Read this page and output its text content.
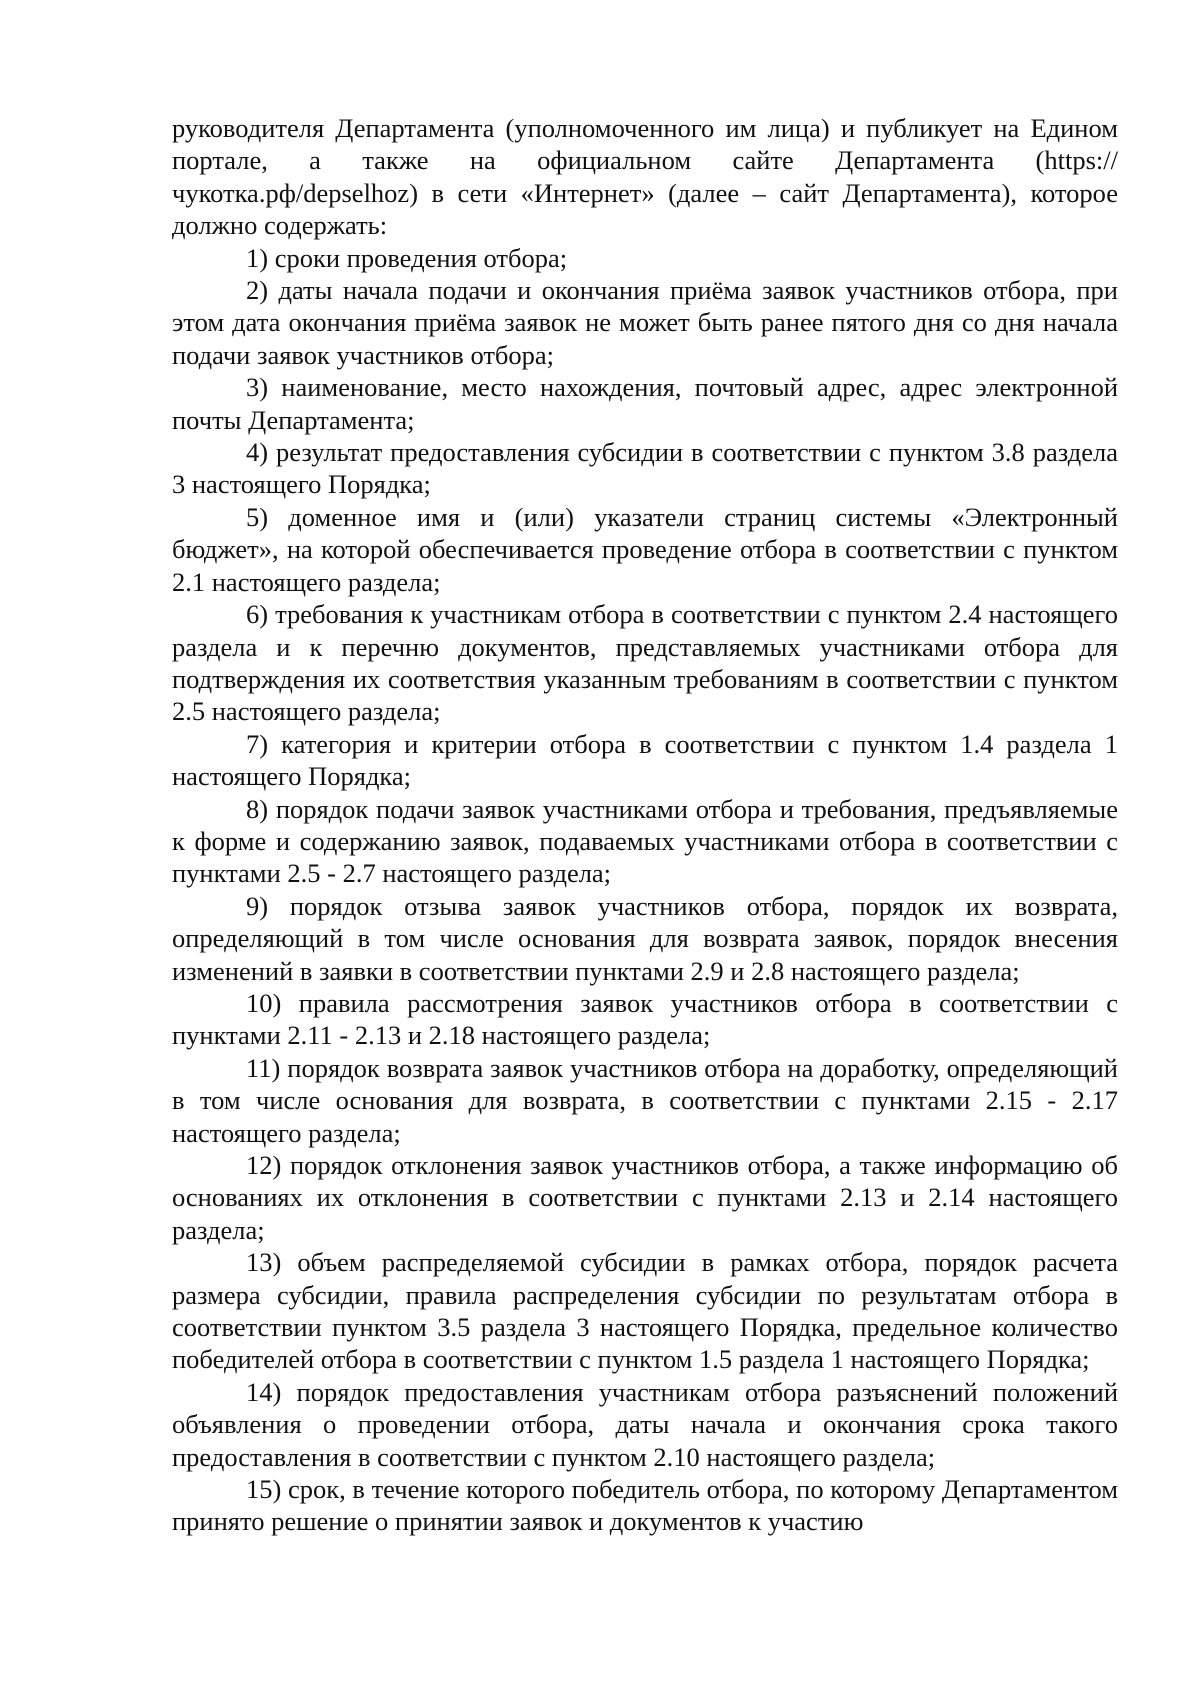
руководителя Департамента (уполномоченного им лица) и публикует на Едином портале, а также на официальном сайте Департамента (https://чукотка.рф/depselhoz) в сети «Интернет» (далее – сайт Департамента), которое должно содержать:

1) сроки проведения отбора;

2) даты начала подачи и окончания приёма заявок участников отбора, при этом дата окончания приёма заявок не может быть ранее пятого дня со дня начала подачи заявок участников отбора;

3) наименование, место нахождения, почтовый адрес, адрес электронной почты Департамента;

4) результат предоставления субсидии в соответствии с пунктом 3.8 раздела 3 настоящего Порядка;

5) доменное имя и (или) указатели страниц системы «Электронный бюджет», на которой обеспечивается проведение отбора в соответствии с пунктом 2.1 настоящего раздела;

6) требования к участникам отбора в соответствии с пунктом 2.4 настоящего раздела и к перечню документов, представляемых участниками отбора для подтверждения их соответствия указанным требованиям в соответствии с пунктом 2.5 настоящего раздела;

7) категория и критерии отбора в соответствии с пунктом 1.4 раздела 1 настоящего Порядка;

8) порядок подачи заявок участниками отбора и требования, предъявляемые к форме и содержанию заявок, подаваемых участниками отбора в соответствии с пунктами 2.5 - 2.7 настоящего раздела;

9) порядок отзыва заявок участников отбора, порядок их возврата, определяющий в том числе основания для возврата заявок, порядок внесения изменений в заявки в соответствии пунктами 2.9 и 2.8 настоящего раздела;

10) правила рассмотрения заявок участников отбора в соответствии с пунктами 2.11 - 2.13 и 2.18 настоящего раздела;

11) порядок возврата заявок участников отбора на доработку, определяющий в том числе основания для возврата, в соответствии с пунктами 2.15 - 2.17 настоящего раздела;

12) порядок отклонения заявок участников отбора, а также информацию об основаниях их отклонения в соответствии с пунктами 2.13 и 2.14 настоящего раздела;

13) объем распределяемой субсидии в рамках отбора, порядок расчета размера субсидии, правила распределения субсидии по результатам отбора в соответствии пунктом 3.5 раздела 3 настоящего Порядка, предельное количество победителей отбора в соответствии с пунктом 1.5 раздела 1 настоящего Порядка;

14) порядок предоставления участникам отбора разъяснений положений объявления о проведении отбора, даты начала и окончания срока такого предоставления в соответствии с пунктом 2.10 настоящего раздела;

15) срок, в течение которого победитель отбора, по которому Департаментом принято решение о принятии заявок и документов к участию
